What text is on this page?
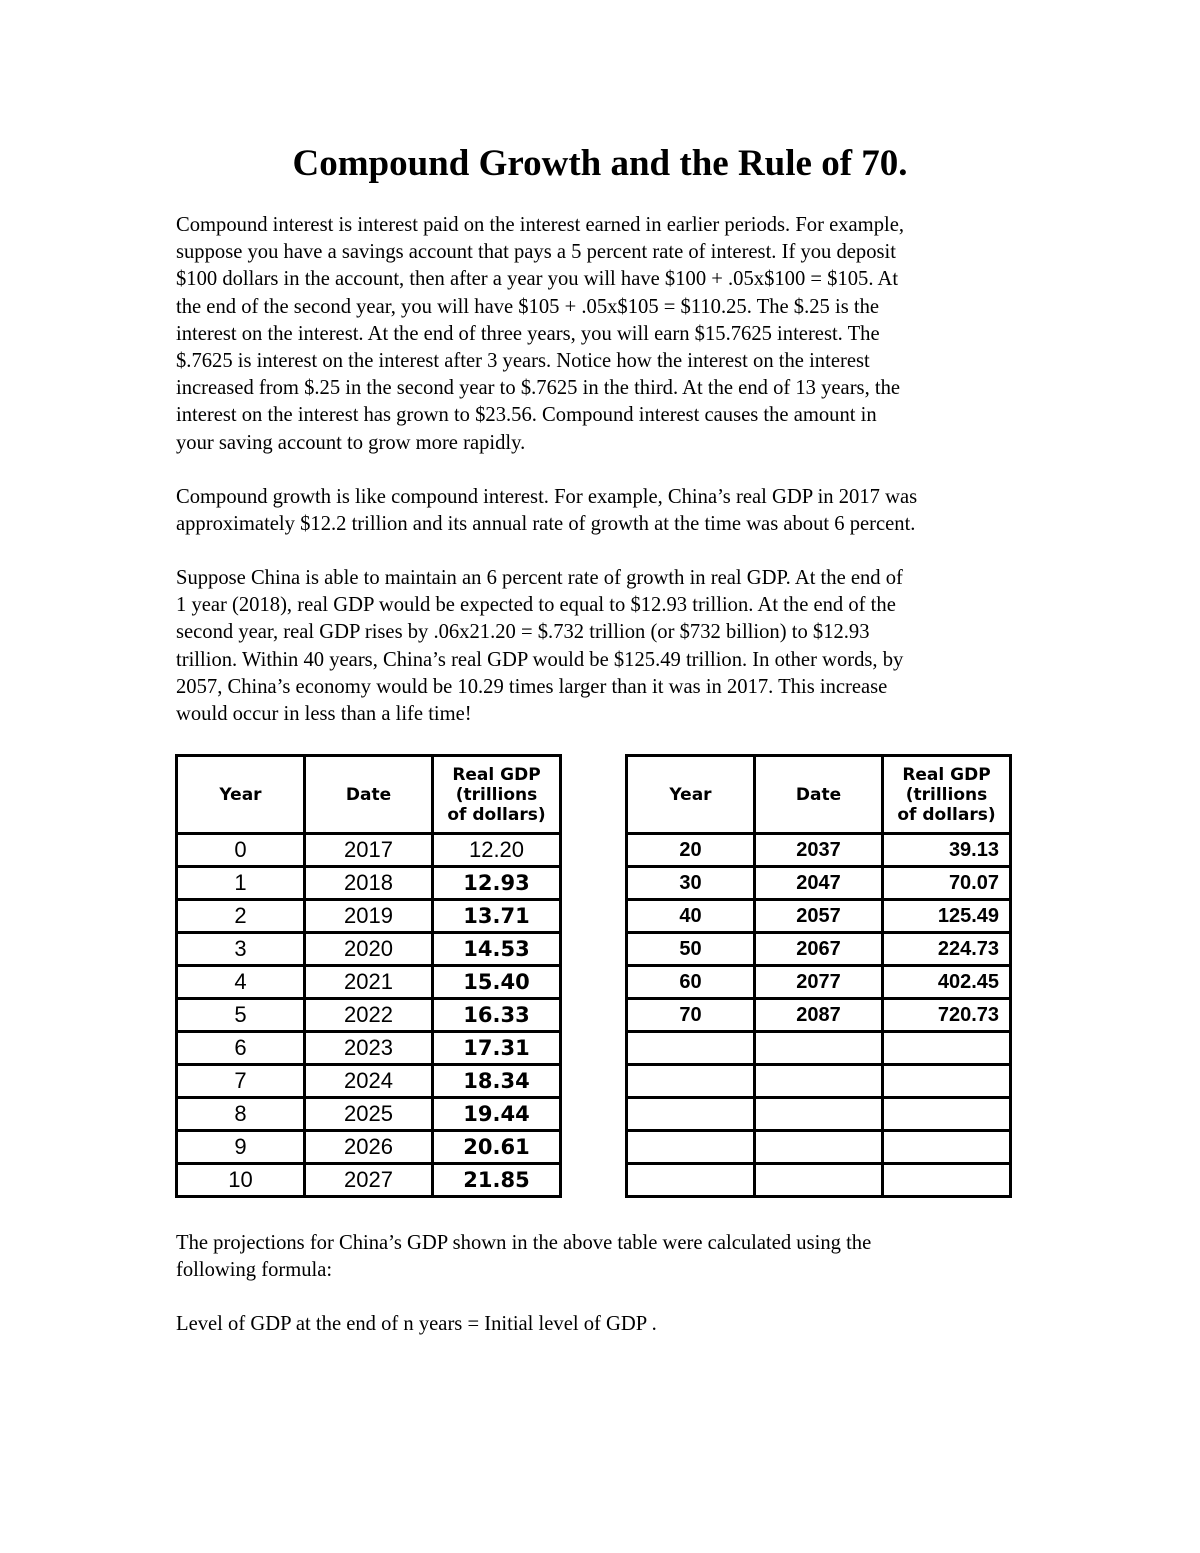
Compound Growth and the Rule of 70.
Compound interest is interest paid on the interest earned in earlier periods. For example,
suppose you have a savings account that pays a 5 percent rate of interest. If you deposit
$100 dollars in the account, then after a year you will have $100 + .05x$100 = $105. At
the end of the second year, you will have $105 + .05x$105 = $110.25. The $.25 is the
interest on the interest. At the end of three years, you will earn $15.7625 interest. The
$.7625 is interest on the interest after 3 years. Notice how the interest on the interest
increased from $.25 in the second year to $.7625 in the third. At the end of 13 years, the
interest on the interest has grown to $23.56. Compound interest causes the amount in
your saving account to grow more rapidly.
Compound growth is like compound interest. For example, China’s real GDP in 2017 was
approximately $12.2 trillion and its annual rate of growth at the time was about 6 percent.
Suppose China is able to maintain an 6 percent rate of growth in real GDP. At the end of
1 year (2018), real GDP would be expected to equal to $12.93 trillion. At the end of the
second year, real GDP rises by .06x21.20 = $.732 trillion (or $732 billion) to $12.93
trillion. Within 40 years, China’s real GDP would be $125.49 trillion. In other words, by
2057, China’s economy would be 10.29 times larger than it was in 2017. This increase
would occur in less than a life time!
Year	Date	Real GDP
(trillions
of dollars)
0	2017	12.20
1	2018	12.93
2	2019	13.71
3	2020	14.53
4	2021	15.40
5	2022	16.33
6	2023	17.31
7	2024	18.34
8	2025	19.44
9	2026	20.61
10	2027	21.85
Year	Date	Real GDP
(trillions
of dollars)
20	2037	39.13
30	2047	70.07
40	2057	125.49
50	2067	224.73
60	2077	402.45
70	2087	720.73

The projections for China’s GDP shown in the above table were calculated using the
following formula:
Level of GDP at the end of n years = Initial level of GDP .
